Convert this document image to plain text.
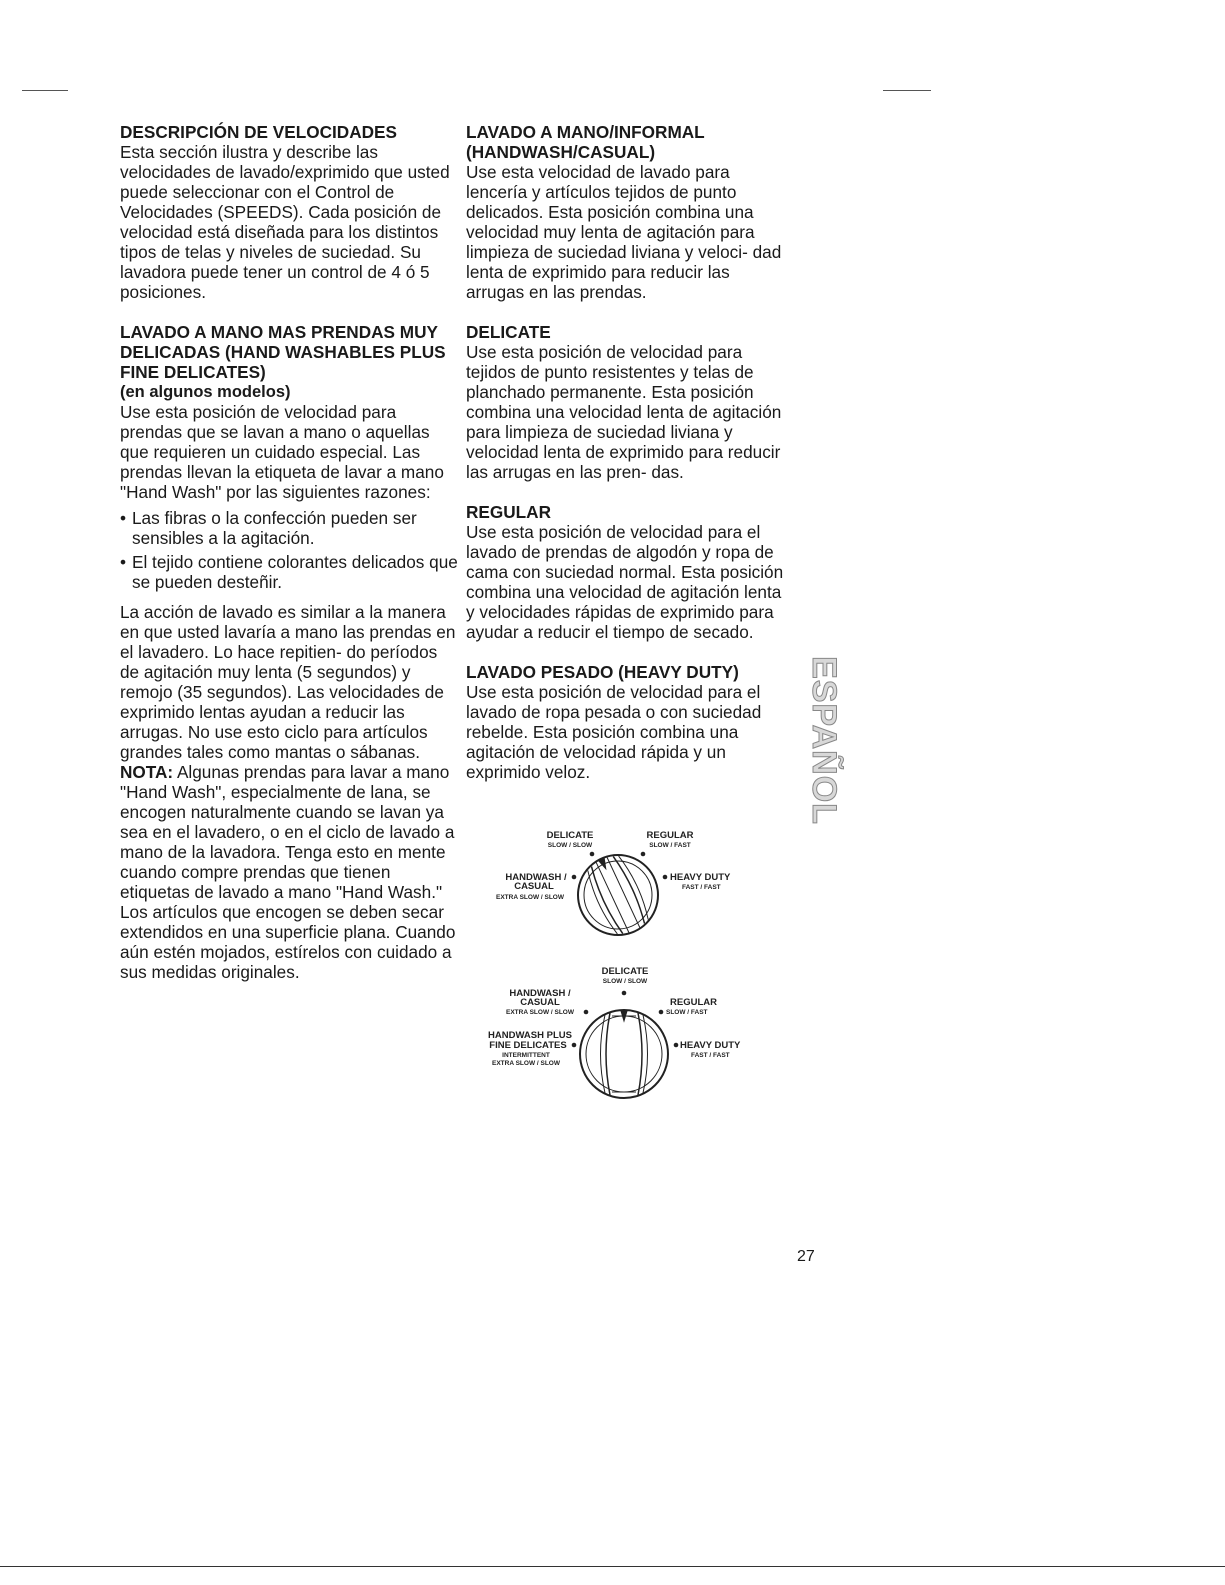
DESCRIPCIÓN DE VELOCIDADES

Esta sección ilustra y describe las velocidades de lavado/exprimido que usted puede seleccionar con el Control de Velocidades (SPEEDS). Cada posición de velocidad está diseñada para los distintos tipos de telas y niveles de suciedad. Su lavadora puede tener un control de 4 ó 5 posiciones.

LAVADO A MANO MAS PRENDAS MUY DELICADAS (HAND WASHABLES PLUS FINE DELICATES)
(en algunos modelos)

Use esta posición de velocidad para prendas que se lavan a mano o aquellas que requieren un cuidado especial. Las prendas llevan la etiqueta de lavar a mano "Hand Wash" por las siguientes razones:

• Las fibras o la confección pueden ser sensibles a la agitación.
• El tejido contiene colorantes delicados que se pueden desteñir.

La acción de lavado es similar a la manera en que usted lavaría a mano las prendas en el lavadero. Lo hace repitien- do períodos de agitación muy lenta (5 segundos) y remojo (35 segundos). Las velocidades de exprimido lentas ayudan a reducir las arrugas. No use esto ciclo para artículos grandes tales como mantas o sábanas.

NOTA: Algunas prendas para lavar a mano "Hand Wash", especialmente de lana, se encogen naturalmente cuando se lavan ya sea en el lavadero, o en el ciclo de lavado a mano de la lavadora. Tenga esto en mente cuando compre prendas que tienen etiquetas de lavado a mano "Hand Wash." Los artículos que encogen se deben secar extendidos en una superficie plana. Cuando aún estén mojados, estírelos con cuidado a sus medidas originales.

LAVADO A MANO/INFORMAL (HANDWASH/CASUAL)

Use esta velocidad de lavado para lencería y artículos tejidos de punto delicados. Esta posición combina una velocidad muy lenta de agitación para limpieza de suciedad liviana y veloci- dad lenta de exprimido para reducir las arrugas en las prendas.

DELICATE

Use esta posición de velocidad para tejidos de punto resistentes y telas de planchado permanente. Esta posición combina una velocidad lenta de agitación para limpieza de suciedad liviana y velocidad lenta de exprimido para reducir las arrugas en las pren- das.

REGULAR

Use esta posición de velocidad para el lavado de prendas de algodón y ropa de cama con suciedad normal. Esta posición combina una velocidad de agitación lenta y velocidades rápidas de exprimido para ayudar a reducir el tiempo de secado.

LAVADO PESADO (HEAVY DUTY)

Use esta posición de velocidad para el lavado de ropa pesada o con suciedad rebelde. Esta posición combina una agitación de velocidad rápida y un exprimido veloz.

DELICATE
SLOW / SLOW
REGULAR
SLOW / FAST
HANDWASH /
CASUAL
EXTRA SLOW / SLOW
HEAVY DUTY
FAST / FAST
DELICATE
SLOW / SLOW
HANDWASH /
CASUAL
EXTRA SLOW / SLOW
REGULAR
SLOW / FAST
HANDWASH PLUS
FINE DELICATES
INTERMITTENT
EXTRA SLOW / SLOW
HEAVY DUTY
FAST / FAST
ESPAÑOL
27
